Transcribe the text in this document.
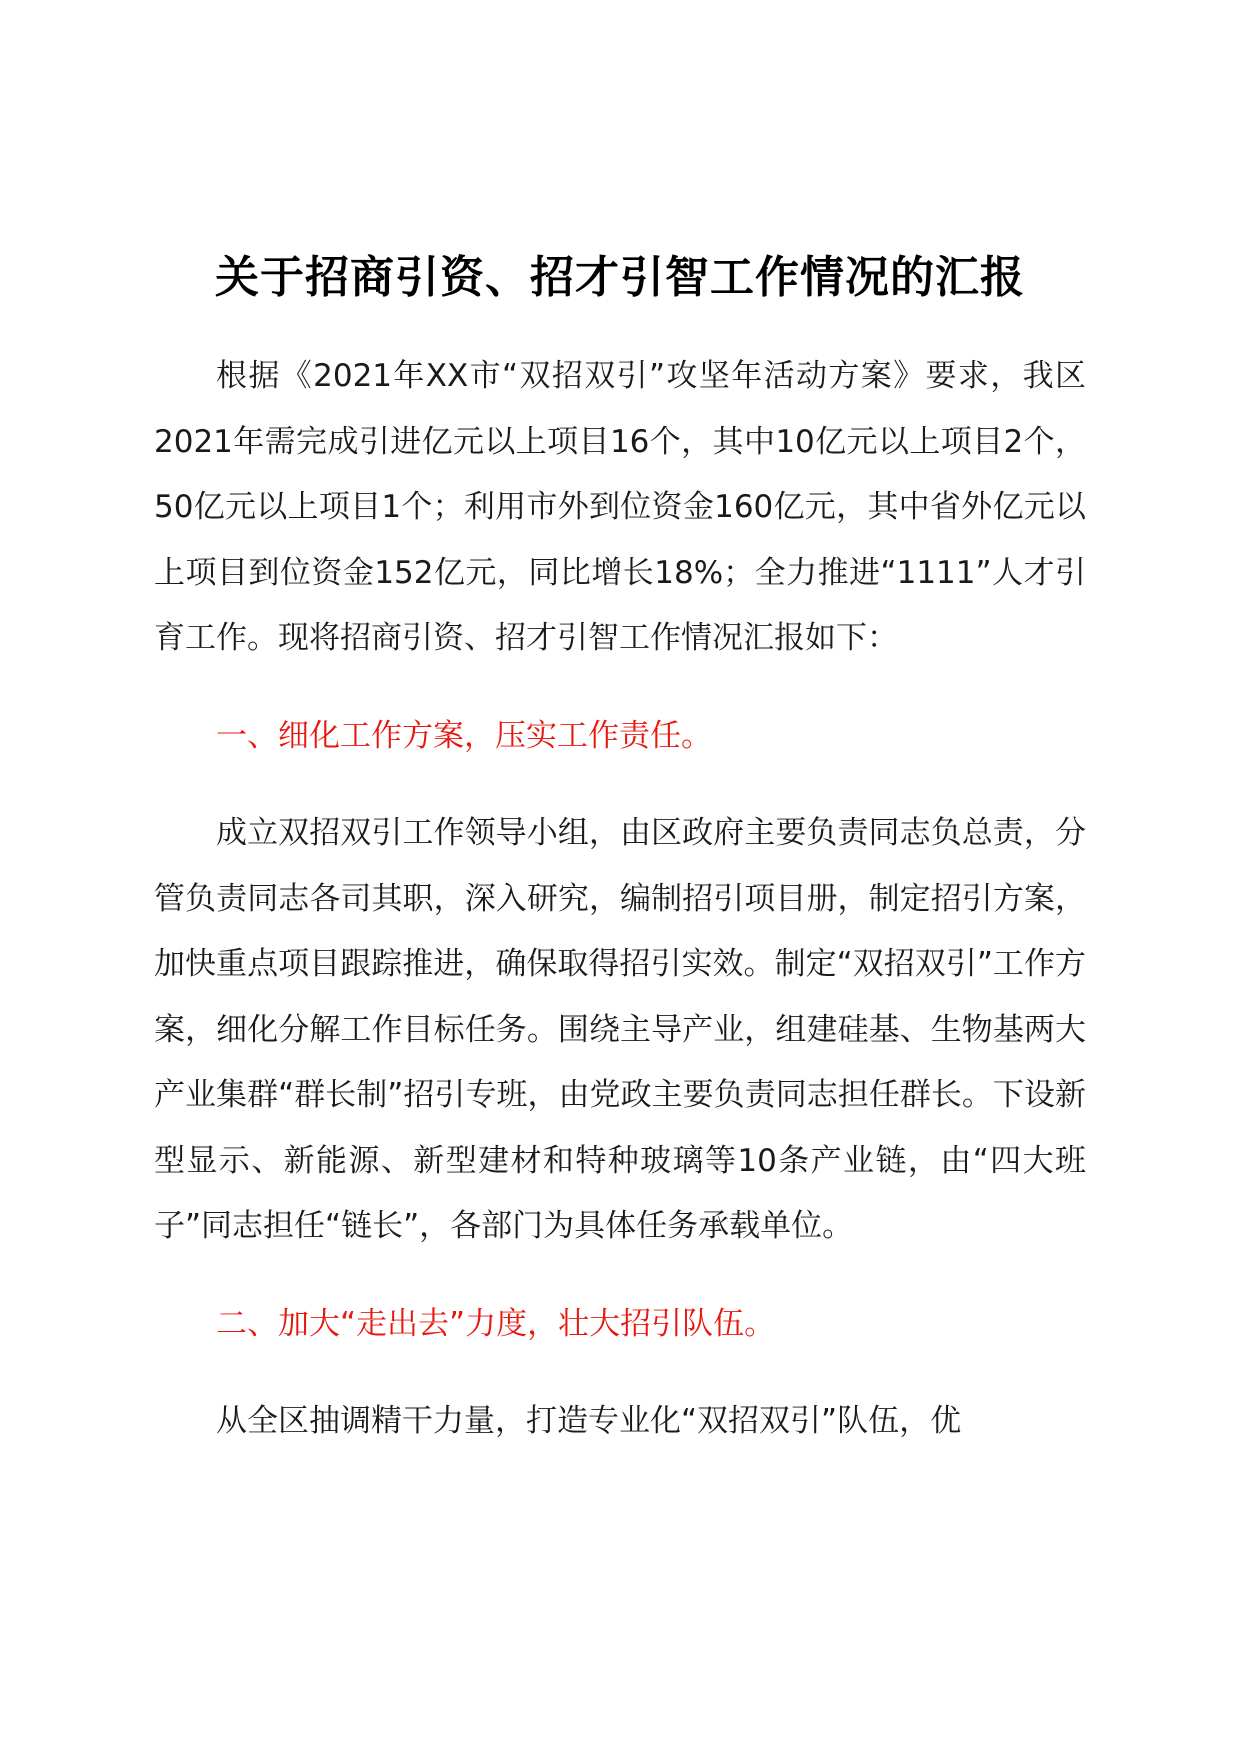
关于招商引资、招才引智工作情况的汇报

根据《2021年XX市“双招双引”攻坚年活动方案》要求，我区2021年需完成引进亿元以上项目16个，其中10亿元以上项目2个，50亿元以上项目1个；利用市外到位资金160亿元，其中省外亿元以上项目到位资金152亿元，同比增长18%；全力推进“1111”人才引育工作。现将招商引资、招才引智工作情况汇报如下：

一、细化工作方案，压实工作责任。

成立双招双引工作领导小组，由区政府主要负责同志负总责，分管负责同志各司其职，深入研究，编制招引项目册，制定招引方案，加快重点项目跟踪推进，确保取得招引实效。制定“双招双引”工作方案，细化分解工作目标任务。围绕主导产业，组建硅基、生物基两大产业集群“群长制”招引专班，由党政主要负责同志担任群长。下设新型显示、新能源、新型建材和特种玻璃等10条产业链，由“四大班子”同志担任“链长”，各部门为具体任务承载单位。

二、加大“走出去”力度，壮大招引队伍。

从全区抽调精干力量，打造专业化“双招双引”队伍，优
